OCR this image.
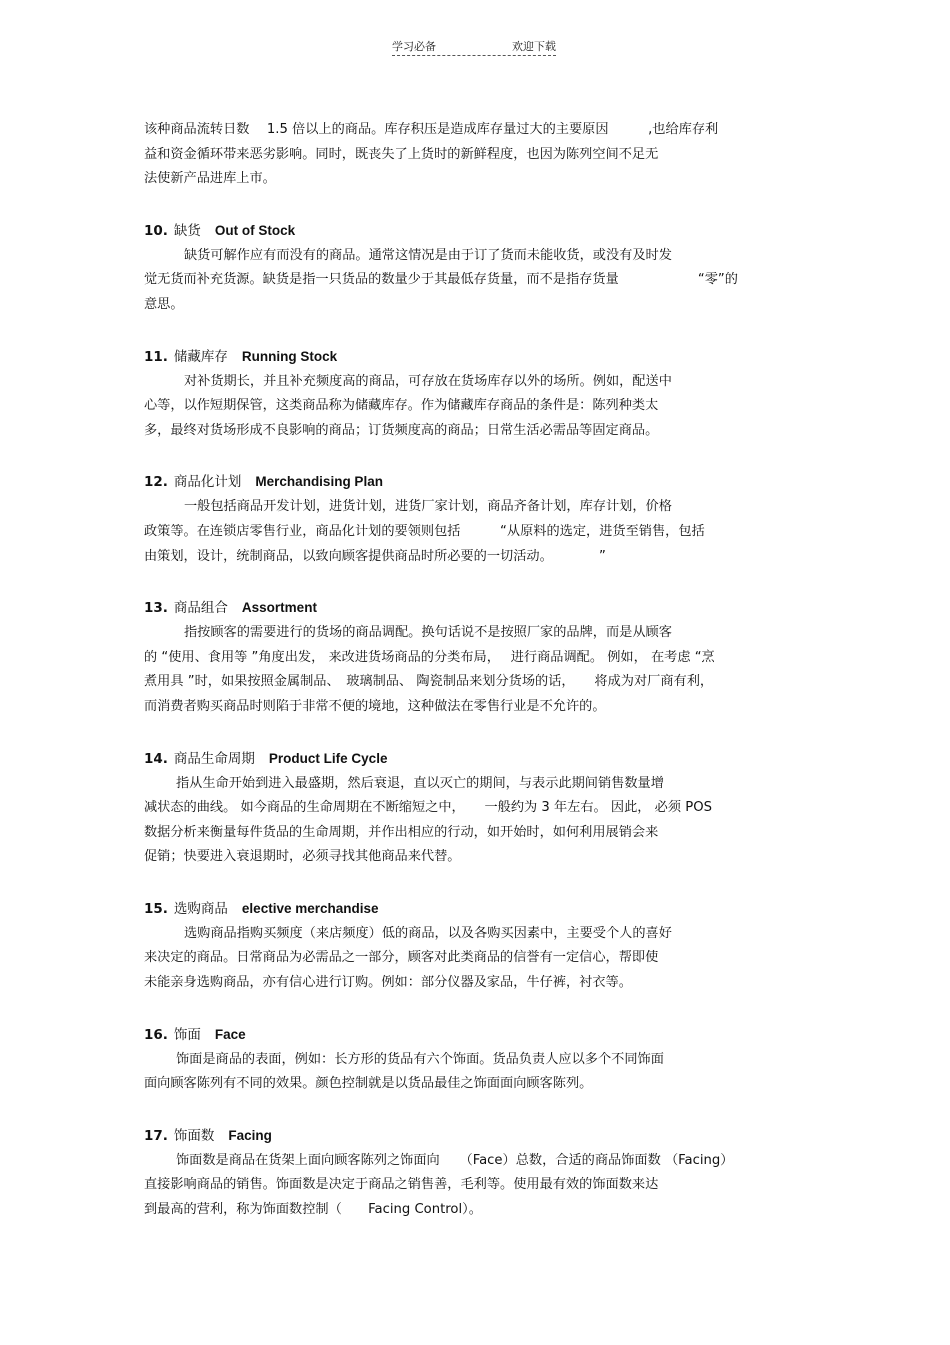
学习必备	欢迎下载

该种商品流转日数　 1.5 倍以上的商品。库存积压是造成库存量过大的主要原因　　　,也给库存利

益和资金循环带来恶劣影响。同时，既丧失了上货时的新鲜程度，也因为陈列空间不足无

法使新产品进库上市。

10. 缺货 Out of Stock

缺货可解作应有而没有的商品。通常这情况是由于订了货而未能收货，或没有及时发

觉无货而补充货源。缺货是指一只货品的数量少于其最低存货量，而不是指存货量　　　　　　“零”的

意思。

11. 储藏库存 Running Stock

对补货期长，并且补充频度高的商品，可存放在货场库存以外的场所。例如，配送中

心等，以作短期保管，这类商品称为储藏库存。作为储藏库存商品的条件是：陈列种类太

多，最终对货场形成不良影响的商品；订货频度高的商品；日常生活必需品等固定商品。

12. 商品化计划 Merchandising Plan

一般包括商品开发计划，进货计划，进货厂家计划，商品齐备计划，库存计划，价格

政策等。在连锁店零售行业，商品化计划的要领则包括　　　“从原料的选定，进货至销售，包括

由策划，设计，统制商品，以致向顾客提供商品时所必要的一切活动。　　　　”

13. 商品组合 Assortment

指按顾客的需要进行的货场的商品调配。换句话说不是按照厂家的品牌，而是从顾客

的 “使用、食用等 ”角度出发， 来改进货场商品的分类布局，　 进行商品调配。 例如， 在考虑 “烹

煮用具 ”时，如果按照金属制品、　玻璃制品、 陶瓷制品来划分货场的话，　　将成为对厂商有利，

而消费者购买商品时则陷于非常不便的境地，这种做法在零售行业是不允许的。

14. 商品生命周期 Product Life Cycle

指从生命开始到进入最盛期，然后衰退，直以灭亡的期间，与表示此期间销售数量增

减状态的曲线。 如今商品的生命周期在不断缩短之中，　　一般约为 3 年左右。 因此， 必须 POS

数据分析来衡量每件货品的生命周期，并作出相应的行动，如开始时，如何利用展销会来

促销；快要进入衰退期时，必须寻找其他商品来代替。

15. 选购商品 elective merchandise

选购商品指购买频度（来店频度）低的商品，以及各购买因素中，主要受个人的喜好

来决定的商品。日常商品为必需品之一部分，顾客对此类商品的信誉有一定信心，帮即使

未能亲身选购商品，亦有信心进行订购。例如：部分仪器及家品，牛仔裤，衬衣等。

16. 饰面 Face

饰面是商品的表面，例如：长方形的货品有六个饰面。货品负责人应以多个不同饰面

面向顾客陈列有不同的效果。颜色控制就是以货品最佳之饰面面向顾客陈列。

17. 饰面数 Facing

饰面数是商品在货架上面向顾客陈列之饰面向　　（Face）总数，合适的商品饰面数 （Facing）

直接影响商品的销售。饰面数是决定于商品之销售善，毛利等。使用最有效的饰面数来达

到最高的营利，称为饰面数控制（　　Facing Control）。
